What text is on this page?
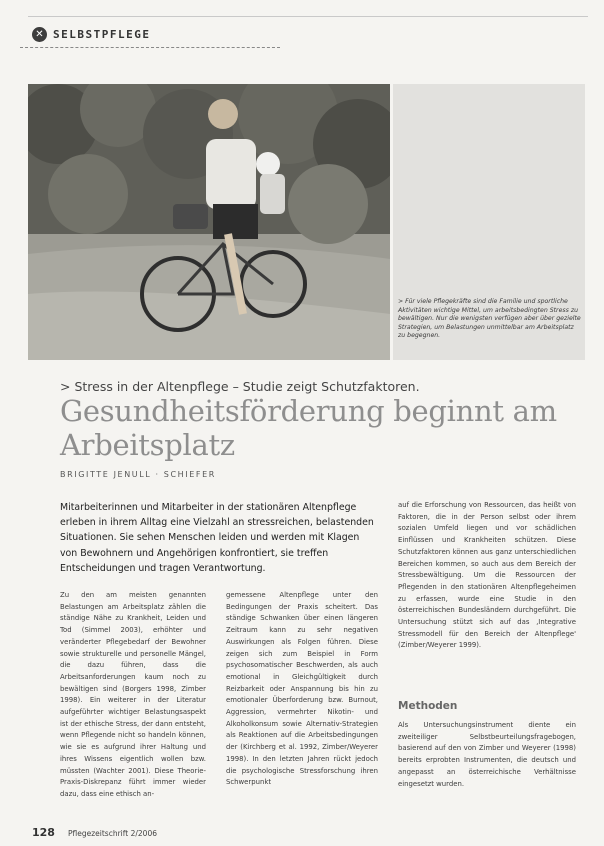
✕ SELBSTPFLEGE
> Für viele Pflegekräfte sind die Familie und sportliche Aktivitäten wichtige Mittel, um arbeitsbedingten Stress zu bewältigen. Nur die wenigsten verfügen aber über gezielte Strategien, um Belastungen unmittelbar am Arbeitsplatz zu begegnen.
> Stress in der Altenpflege – Studie zeigt Schutzfaktoren.
Gesundheitsförderung beginnt am Arbeitsplatz
BRIGITTE JENULL · SCHIEFER
Mitarbeiterinnen und Mitarbeiter in der stationären Altenpflege erleben in ihrem Alltag eine Vielzahl an stressreichen, belastenden Situationen. Sie sehen Menschen leiden und werden mit Klagen von Bewohnern und Angehörigen konfrontiert, sie treffen Entscheidungen und tragen Verantwortung.
Zu den am meisten genannten Belastungen am Arbeitsplatz zählen die ständige Nähe zu Krankheit, Leiden und Tod (Simmel 2003), erhöhter und veränderter Pflegebedarf der Bewohner sowie strukturelle und personelle Mängel, die dazu führen, dass die Arbeitsanforderungen kaum noch zu bewältigen sind (Borgers 1998, Zimber 1998). Ein weiterer in der Literatur aufgeführter wichtiger Belastungsaspekt ist der ethische Stress, der dann entsteht, wenn Pflegende nicht so handeln können, wie sie es aufgrund ihrer Haltung und ihres Wissens eigentlich wollen bzw. müssten (Wachter 2001). Diese Theorie-Praxis-Diskrepanz führt immer wieder dazu, dass eine ethisch an-
gemessene Altenpflege unter den Bedingungen der Praxis scheitert. Das ständige Schwanken über einen längeren Zeitraum kann zu sehr negativen Auswirkungen als Folgen führen. Diese zeigen sich zum Beispiel in Form psychosomatischer Beschwerden, als auch emotional in Gleichgültigkeit durch Reizbarkeit oder Anspannung bis hin zu emotionaler Überforderung bzw. Burnout, Aggression, vermehrter Nikotin- und Alkoholkonsum sowie Alternativ-Strategien als Reaktionen auf die Arbeitsbedingungen der (Kirchberg et al. 1992, Zimber/Weyerer 1998). In den letzten Jahren rückt jedoch die psychologische Stressforschung ihren Schwerpunkt
auf die Erforschung von Ressourcen, das heißt von Faktoren, die in der Person selbst oder ihrem sozialen Umfeld liegen und vor schädlichen Einflüssen und Krankheiten schützen. Diese Schutzfaktoren können aus ganz unterschiedlichen Bereichen kommen, so auch aus dem Bereich der Stressbewältigung. Um die Ressourcen der Pflegenden in den stationären Altenpflegeheimen zu erfassen, wurde eine Studie in den österreichischen Bundesländern durchgeführt. Die Untersuchung stützt sich auf das ‚Integrative Stressmodell für den Bereich der Altenpflege' (Zimber/Weyerer 1999).
Methoden
Als Untersuchungsinstrument diente ein zweiteiliger Selbstbeurteilungsfragebogen, basierend auf den von Zimber und Weyerer (1998) bereits erprobten Instrumenten, die deutsch und angepasst an österreichische Verhältnisse eingesetzt wurden.
128 Pflegezeitschrift 2/2006
